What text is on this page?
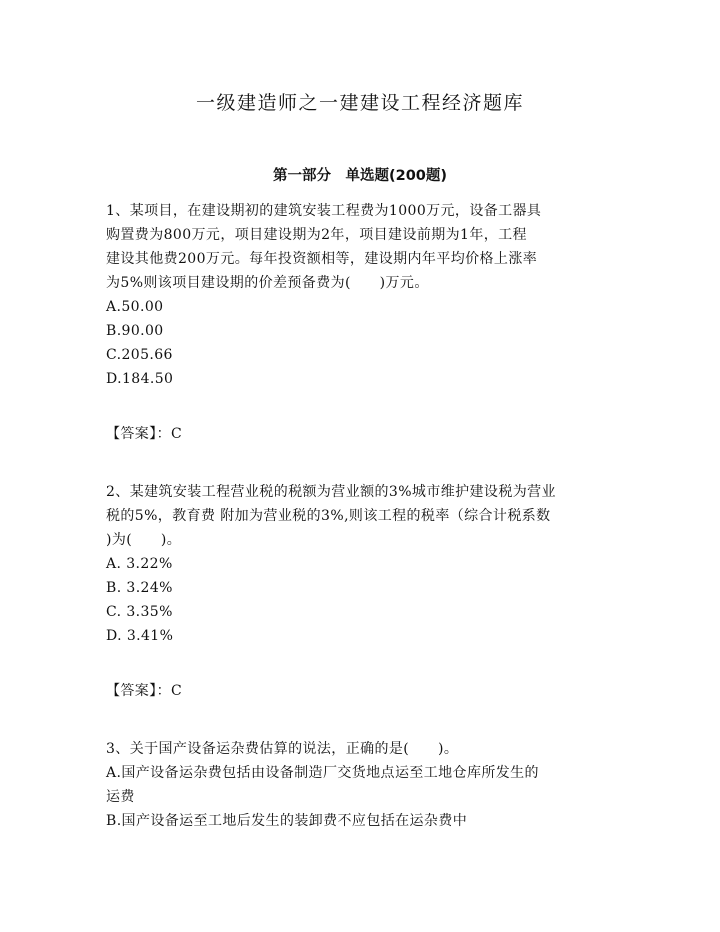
一级建造师之一建建设工程经济题库
第一部分　单选题(200题)
1、某项目，在建设期初的建筑安装工程费为1000万元，设备工器具
购置费为800万元，项目建设期为2年，项目建设前期为1年，工程
建设其他费200万元。每年投资额相等，建设期内年平均价格上涨率
为5%则该项目建设期的价差预备费为(　　)万元。
A.50.00
B.90.00
C.205.66
D.184.50
【答案】：C
2、某建筑安装工程营业税的税额为营业额的3%城市维护建设税为营业
税的5%，教育费 附加为营业税的3%,则该工程的税率（综合计税系数
)为(　　)。
A. 3.22%
B. 3.24%
C. 3.35%
D. 3.41%
【答案】：C
3、关于国产设备运杂费估算的说法，正确的是(　　)。
A.国产设备运杂费包括由设备制造厂交货地点运至工地仓库所发生的
运费
B.国产设备运至工地后发生的装卸费不应包括在运杂费中
